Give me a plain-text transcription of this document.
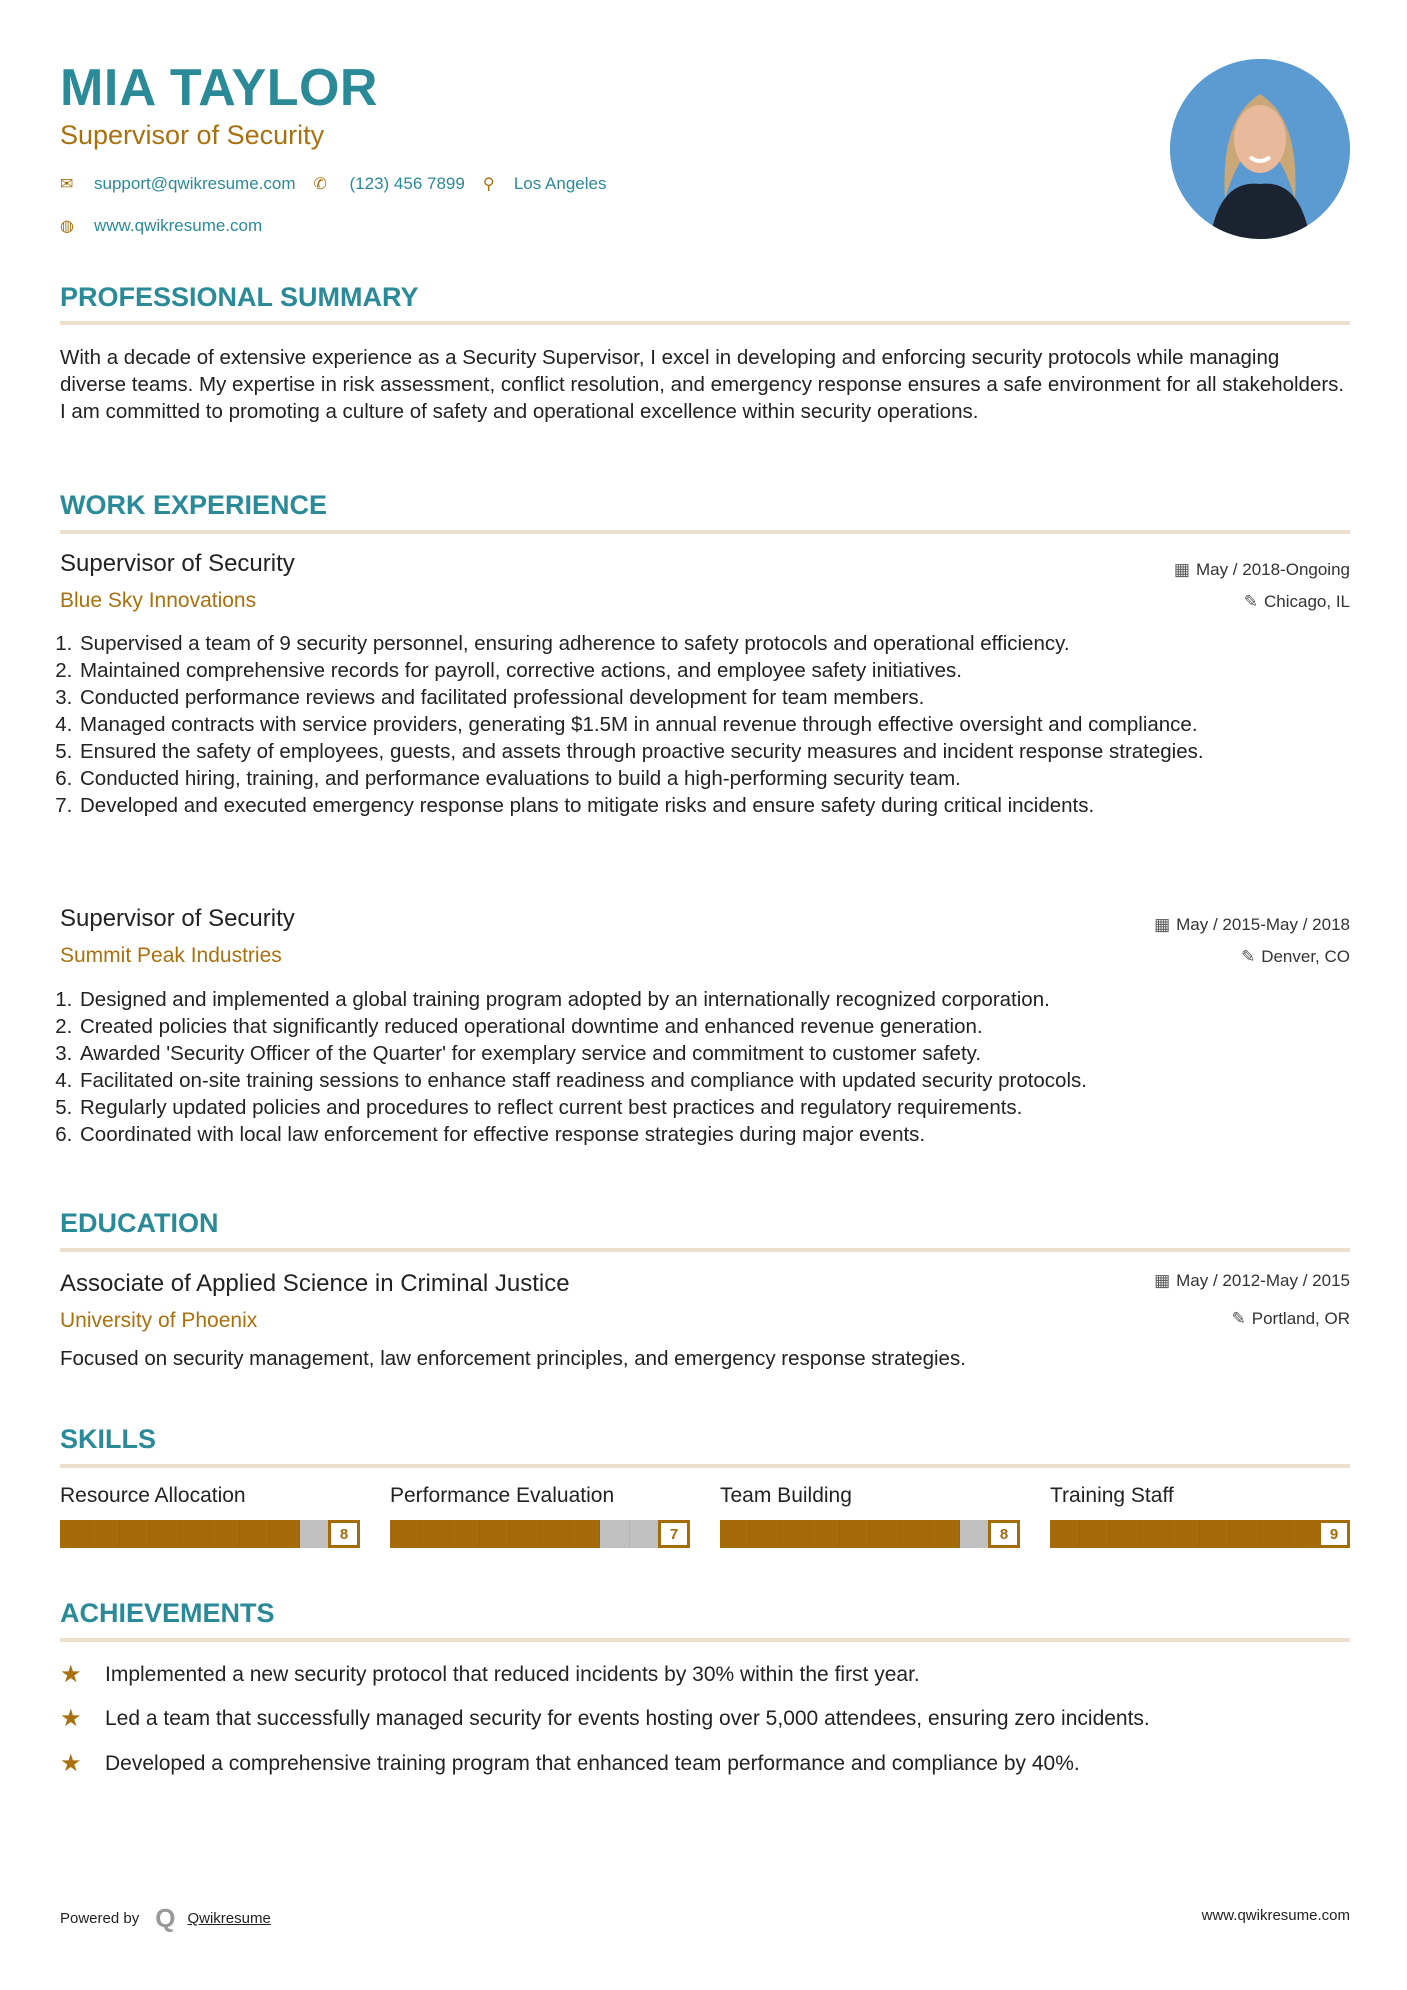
MIA TAYLOR
Supervisor of Security
✉	support@qwikresume.com ✆	(123) 456 7899 ⚲	Los Angeles
◍	www.qwikresume.com
PROFESSIONAL SUMMARY
With a decade of extensive experience as a Security Supervisor, I excel in developing and enforcing security protocols while managing diverse teams. My expertise in risk assessment, conflict resolution, and emergency response ensures a safe environment for all stakeholders. I am committed to promoting a culture of safety and operational excellence within security operations.
WORK EXPERIENCE
Supervisor of Security
Blue Sky Innovations
▦ May / 2018-Ongoing
✎ Chicago, IL
1. Supervised a team of 9 security personnel, ensuring adherence to safety protocols and operational efficiency.
2. Maintained comprehensive records for payroll, corrective actions, and employee safety initiatives.
3. Conducted performance reviews and facilitated professional development for team members.
4. Managed contracts with service providers, generating $1.5M in annual revenue through effective oversight and compliance.
5. Ensured the safety of employees, guests, and assets through proactive security measures and incident response strategies.
6. Conducted hiring, training, and performance evaluations to build a high-performing security team.
7. Developed and executed emergency response plans to mitigate risks and ensure safety during critical incidents.
Supervisor of Security
Summit Peak Industries
▦ May / 2015-May / 2018
✎ Denver, CO
1. Designed and implemented a global training program adopted by an internationally recognized corporation.
2. Created policies that significantly reduced operational downtime and enhanced revenue generation.
3. Awarded 'Security Officer of the Quarter' for exemplary service and commitment to customer safety.
4. Facilitated on-site training sessions to enhance staff readiness and compliance with updated security protocols.
5. Regularly updated policies and procedures to reflect current best practices and regulatory requirements.
6. Coordinated with local law enforcement for effective response strategies during major events.
EDUCATION
Associate of Applied Science in Criminal Justice
University of Phoenix
▦ May / 2012-May / 2015
✎ Portland, OR
Focused on security management, law enforcement principles, and emergency response strategies.
SKILLS
Resource Allocation
8
Performance Evaluation
7
Team Building
8
Training Staff
9
ACHIEVEMENTS
★	Implemented a new security protocol that reduced incidents by 30% within the first year.
★	Led a team that successfully managed security for events hosting over 5,000 attendees, ensuring zero incidents.
★	Developed a comprehensive training program that enhanced team performance and compliance by 40%.
Powered by Q Qwikresume	www.qwikresume.com
